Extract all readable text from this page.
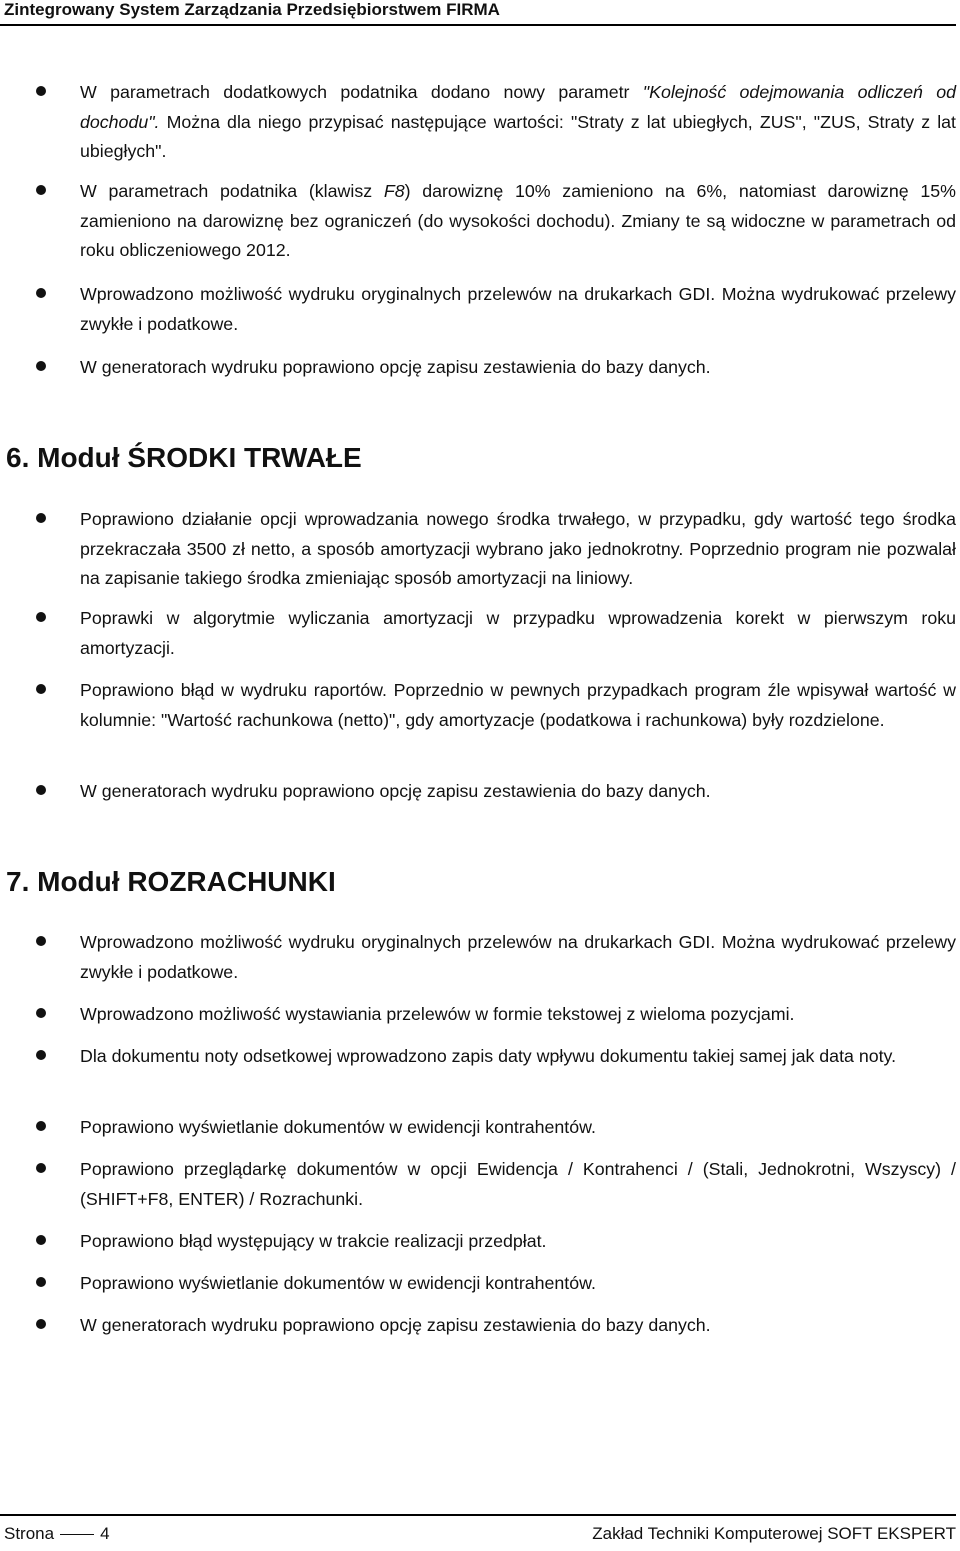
Zintegrowany System Zarządzania Przedsiębiorstwem FIRMA
W parametrach dodatkowych podatnika dodano nowy parametr "Kolejność odejmowania odliczeń od dochodu". Można dla niego przypisać następujące wartości: "Straty z lat ubiegłych, ZUS", "ZUS, Straty z lat ubiegłych".
W parametrach podatnika (klawisz F8) darowiznę 10% zamieniono na 6%, natomiast darowiznę 15% zamieniono na darowiznę bez ograniczeń (do wysokości dochodu). Zmiany te są widoczne w parametrach od roku obliczeniowego 2012.
Wprowadzono możliwość wydruku oryginalnych przelewów na drukarkach GDI. Można wydrukować przelewy zwykłe i podatkowe.
W generatorach wydruku poprawiono opcję zapisu zestawienia do bazy danych.
6. Moduł ŚRODKI TRWAŁE
Poprawiono działanie opcji wprowadzania nowego środka trwałego, w przypadku, gdy wartość tego środka przekraczała 3500 zł netto, a sposób amortyzacji wybrano jako jednokrotny. Poprzednio program nie pozwalał na zapisanie takiego środka zmieniając sposób amortyzacji na liniowy.
Poprawki w algorytmie wyliczania amortyzacji w przypadku wprowadzenia korekt w pierwszym roku amortyzacji.
Poprawiono błąd w wydruku raportów. Poprzednio w pewnych przypadkach program źle wpisywał wartość w kolumnie: "Wartość rachunkowa (netto)", gdy amortyzacje (podatkowa i rachunkowa) były rozdzielone.
W generatorach wydruku poprawiono opcję zapisu zestawienia do bazy danych.
7. Moduł ROZRACHUNKI
Wprowadzono możliwość wydruku oryginalnych przelewów na drukarkach GDI. Można wydrukować przelewy zwykłe i podatkowe.
Wprowadzono możliwość wystawiania przelewów w formie tekstowej z wieloma pozycjami.
Dla dokumentu noty odsetkowej wprowadzono zapis daty wpływu dokumentu takiej samej jak data noty.
Poprawiono wyświetlanie dokumentów w ewidencji kontrahentów.
Poprawiono przeglądarkę dokumentów w opcji Ewidencja / Kontrahenci / (Stali, Jednokrotni, Wszyscy) / (SHIFT+F8, ENTER) / Rozrachunki.
Poprawiono błąd występujący w trakcie realizacji przedpłat.
Poprawiono wyświetlanie dokumentów w ewidencji kontrahentów.
W generatorach wydruku poprawiono opcję zapisu zestawienia do bazy danych.
Strona	4	Zakład Techniki Komputerowej SOFT EKSPERT
